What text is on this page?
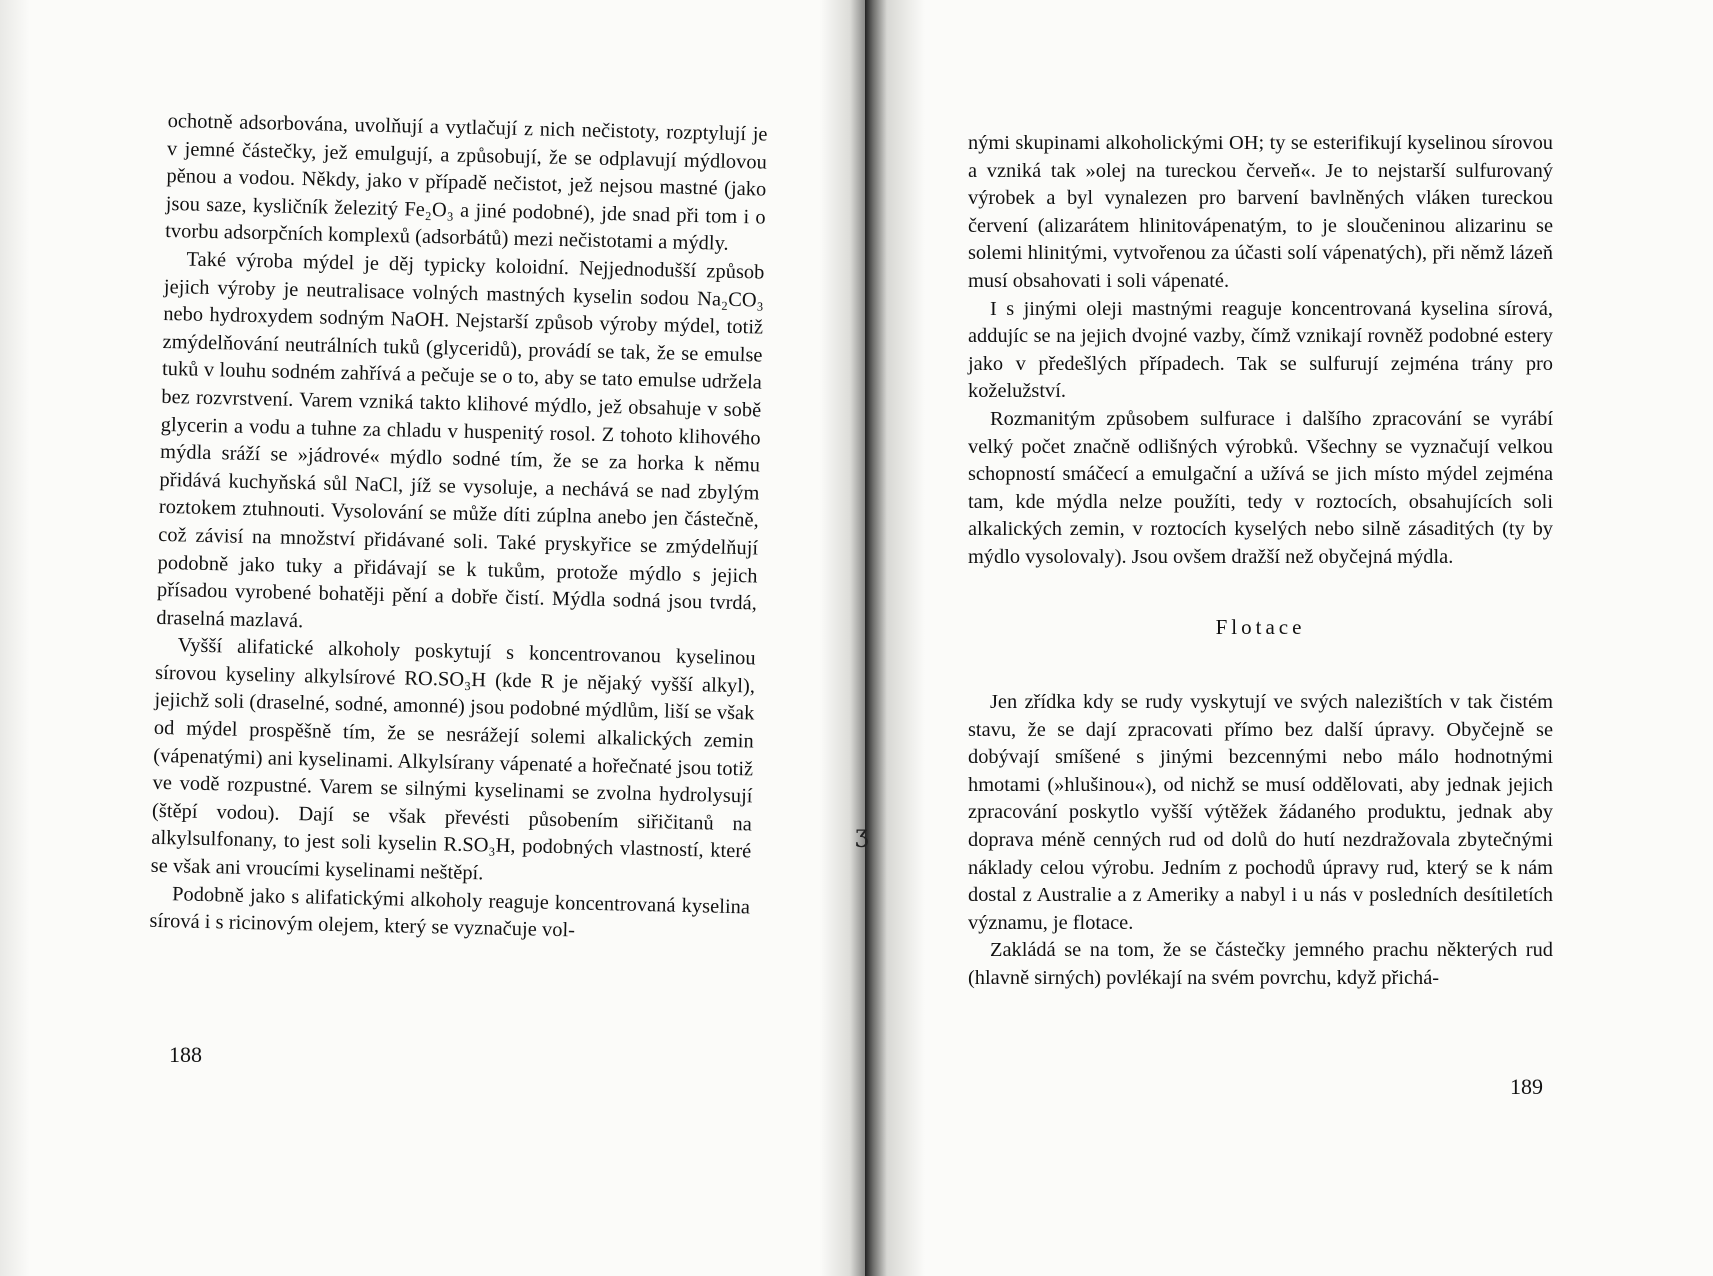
ʒ

ochotně adsorbována, uvolňují a vytlačují z nich nečistoty, rozptylují je v jemné částečky, jež emulgují, a způsobují, že se odplavují mýdlovou pěnou a vodou. Někdy, jako v případě nečistot, jež nejsou mastné (jako jsou saze, kysličník železitý Fe₂O₃ a jiné podobné), jde snad při tom i o tvorbu adsorpčních komplexů (adsorbátů) mezi nečistotami a mýdly.

Také výroba mýdel je děj typicky koloidní. Nejjednodušší způsob jejich výroby je neutralisace volných mastných kyselin sodou Na₂CO₃ nebo hydroxydem sodným NaOH. Nejstarší způsob výroby mýdel, totiž zmýdelňování neutrálních tuků (glyceridů), provádí se tak, že se emulse tuků v louhu sodném zahřívá a pečuje se o to, aby se tato emulse udržela bez rozvrstvení. Varem vzniká takto klihové mýdlo, jež obsahuje v sobě glycerin a vodu a tuhne za chladu v huspenitý rosol. Z tohoto klihového mýdla sráží se »jádrové« mýdlo sodné tím, že se za horka k němu přidává kuchyňská sůl NaCl, jíž se vysoluje, a nechává se nad zbylým roztokem ztuhnouti. Vysolování se může díti zúplna anebo jen částečně, což závisí na množství přidávané soli. Také pryskyřice se zmýdelňují podobně jako tuky a přidávají se k tukům, protože mýdlo s jejich přísadou vyrobené bohatěji pění a dobře čistí. Mýdla sodná jsou tvrdá, draselná mazlavá.

Vyšší alifatické alkoholy poskytují s koncentrovanou kyselinou sírovou kyseliny alkylsírové RO.SO₃H (kde R je nějaký vyšší alkyl), jejichž soli (draselné, sodné, amonné) jsou podobné mýdlům, liší se však od mýdel prospěšně tím, že se nesrážejí solemi alkalických zemin (vápenatými) ani kyselinami. Alkylsírany vápenaté a hořečnaté jsou totiž ve vodě rozpustné. Varem se silnými kyselinami se zvolna hydrolysují (štěpí vodou). Dají se však převésti působením siřičitanů na alkylsulfonany, to jest soli kyselin R.SO₃H, podobných vlastností, které se však ani vroucími kyselinami neštěpí.

Podobně jako s alifatickými alkoholy reaguje koncentrovaná kyselina sírová i s ricinovým olejem, který se vyznačuje vol-

188

nými skupinami alkoholickými OH; ty se esterifikují kyselinou sírovou a vzniká tak »olej na tureckou červeň«. Je to nejstarší sulfurovaný výrobek a byl vynalezen pro barvení bavlněných vláken tureckou červení (alizarátem hlinitovápenatým, to je sloučeninou alizarinu se solemi hlinitými, vytvořenou za účasti solí vápenatých), při němž lázeň musí obsahovati i soli vápenaté.

I s jinými oleji mastnými reaguje koncentrovaná kyselina sírová, addujíc se na jejich dvojné vazby, čímž vznikají rovněž podobné estery jako v předešlých případech. Tak se sulfurují zejména trány pro koželužství.

Rozmanitým způsobem sulfurace i dalšího zpracování se vyrábí velký počet značně odlišných výrobků. Všechny se vyznačují velkou schopností smáčecí a emulgační a užívá se jich místo mýdel zejména tam, kde mýdla nelze použíti, tedy v roztocích, obsahujících soli alkalických zemin, v roztocích kyselých nebo silně zásaditých (ty by mýdlo vysolovaly). Jsou ovšem dražší než obyčejná mýdla.

Flotace

Jen zřídka kdy se rudy vyskytují ve svých nalezištích v tak čistém stavu, že se dají zpracovati přímo bez další úpravy. Obyčejně se dobývají smíšené s jinými bezcennými nebo málo hodnotnými hmotami (»hlušinou«), od nichž se musí oddělovati, aby jednak jejich zpracování poskytlo vyšší výtěžek žádaného produktu, jednak aby doprava méně cenných rud od dolů do hutí nezdražovala zbytečnými náklady celou výrobu. Jedním z pochodů úpravy rud, který se k nám dostal z Australie a z Ameriky a nabyl i u nás v posledních desítiletích významu, je flotace.

Zakládá se na tom, že se částečky jemného prachu některých rud (hlavně sirných) povlékají na svém povrchu, když přichá-

189
